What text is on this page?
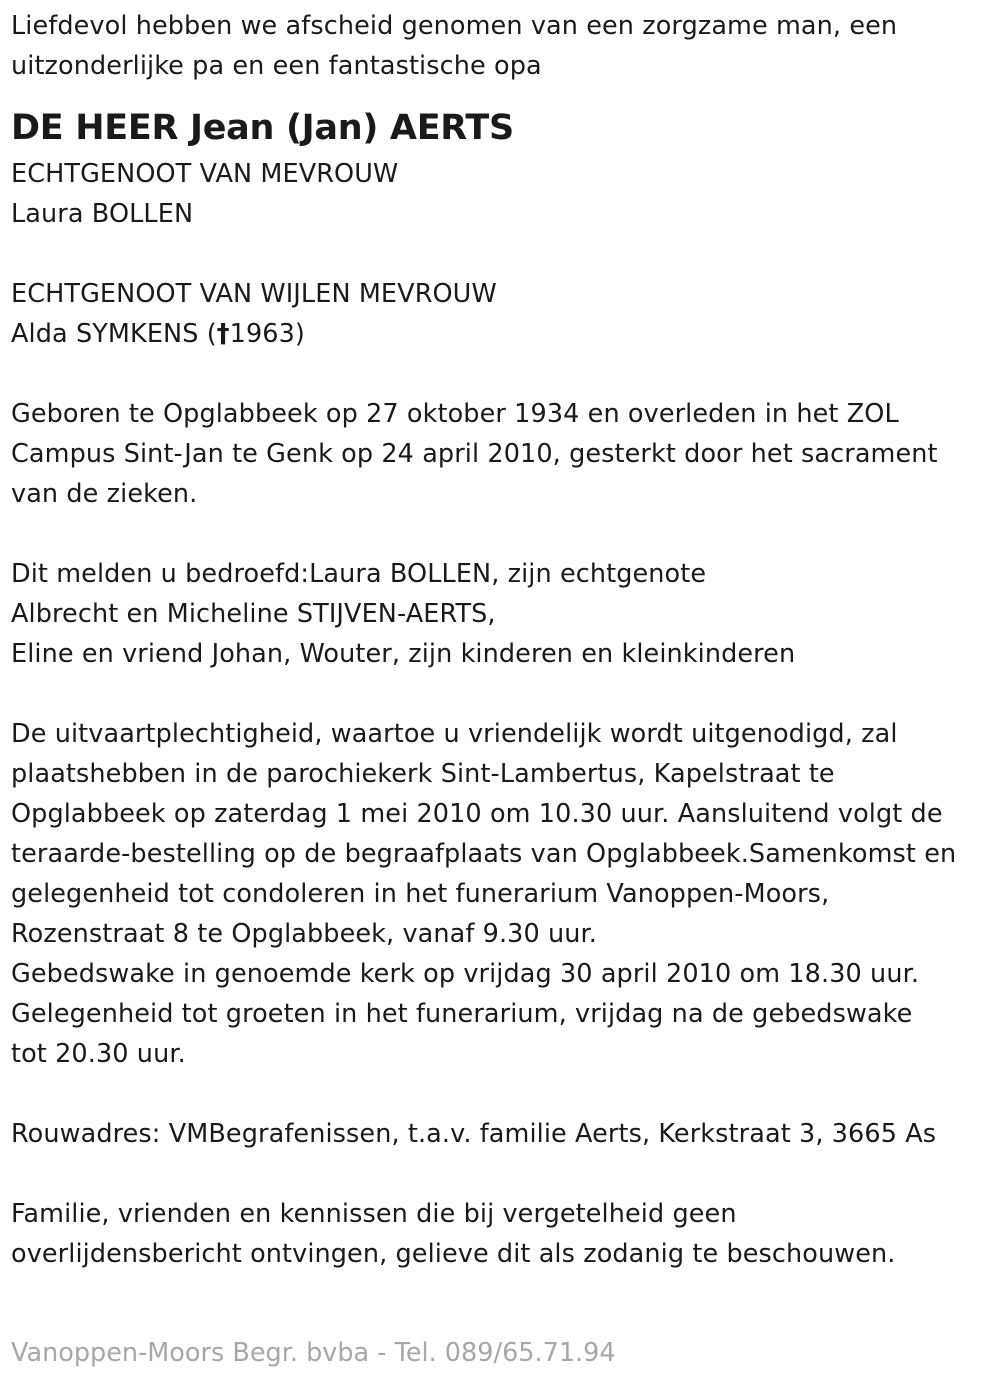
Liefdevol hebben we afscheid genomen van een zorgzame man, een
uitzonderlijke pa en een fantastische opa
DE HEER Jean (Jan) AERTS
ECHTGENOOT VAN MEVROUW
Laura BOLLEN
ECHTGENOOT VAN WIJLEN MEVROUW
Alda SYMKENS (†1963)
Geboren te Opglabbeek op 27 oktober 1934 en overleden in het ZOL
Campus Sint-Jan te Genk op 24 april 2010, gesterkt door het sacrament
van de zieken.
Dit melden u bedroefd:Laura BOLLEN, zijn echtgenote
Albrecht en Micheline STIJVEN-AERTS,
Eline en vriend Johan, Wouter, zijn kinderen en kleinkinderen
De uitvaartplechtigheid, waartoe u vriendelijk wordt uitgenodigd, zal
plaatshebben in de parochiekerk Sint-Lambertus, Kapelstraat te
Opglabbeek op zaterdag 1 mei 2010 om 10.30 uur. Aansluitend volgt de
teraarde-bestelling op de begraafplaats van Opglabbeek.Samenkomst en
gelegenheid tot condoleren in het funerarium Vanoppen-Moors,
Rozenstraat 8 te Opglabbeek, vanaf 9.30 uur.
Gebedswake in genoemde kerk op vrijdag 30 april 2010 om 18.30 uur.
Gelegenheid tot groeten in het funerarium, vrijdag na de gebedswake
tot 20.30 uur.
Rouwadres: VMBegrafenissen, t.a.v. familie Aerts, Kerkstraat 3, 3665 As
Familie, vrienden en kennissen die bij vergetelheid geen
overlijdensbericht ontvingen, gelieve dit als zodanig te beschouwen.
Vanoppen-Moors Begr. bvba - Tel. 089/65.71.94
